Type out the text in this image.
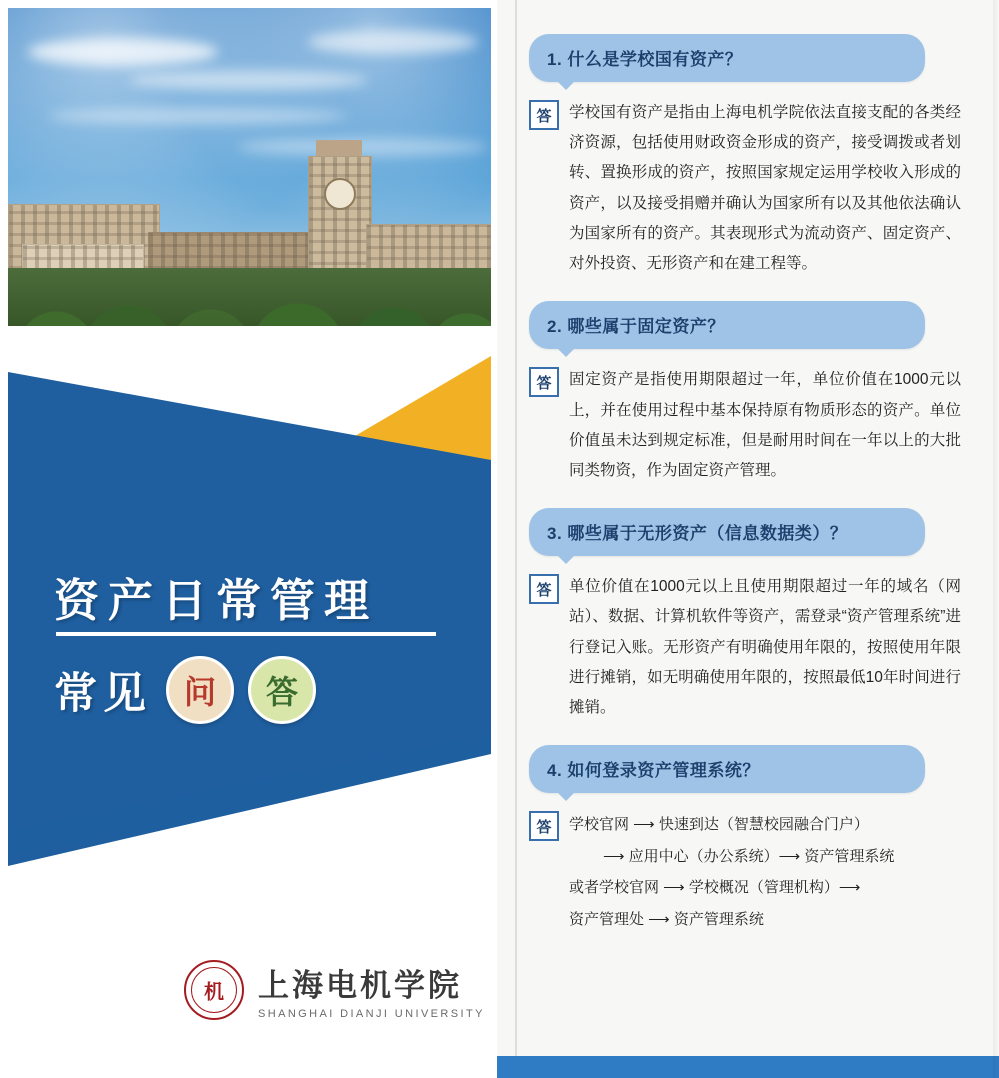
资产日常管理
常见 问	答
机 上海电机学院
SHANGHAI DIANJI UNIVERSITY
1. 什么是学校国有资产？
答	学校国有资产是指由上海电机学院依法直接支配的各类经济资源，包括使用财政资金形成的资产，接受调拨或者划转、置换形成的资产，按照国家规定运用学校收入形成的资产，以及接受捐赠并确认为国家所有以及其他依法确认为国家所有的资产。其表现形式为流动资产、固定资产、对外投资、无形资产和在建工程等。
2. 哪些属于固定资产？
答	固定资产是指使用期限超过一年，单位价值在1000元以上，并在使用过程中基本保持原有物质形态的资产。单位价值虽未达到规定标准，但是耐用时间在一年以上的大批同类物资，作为固定资产管理。
3. 哪些属于无形资产（信息数据类）？
答	单位价值在1000元以上且使用期限超过一年的域名（网站）、数据、计算机软件等资产，需登录“资产管理系统”进行登记入账。无形资产有明确使用年限的，按照使用年限进行摊销，如无明确使用年限的，按照最低10年时间进行摊销。
4. 如何登录资产管理系统？
答	学校官网 ⟶ 快速到达（智慧校园融合门户）
⟶ 应用中心（办公系统）⟶ 资产管理系统
或者学校官网 ⟶ 学校概况（管理机构）⟶
资产管理处 ⟶ 资产管理系统
